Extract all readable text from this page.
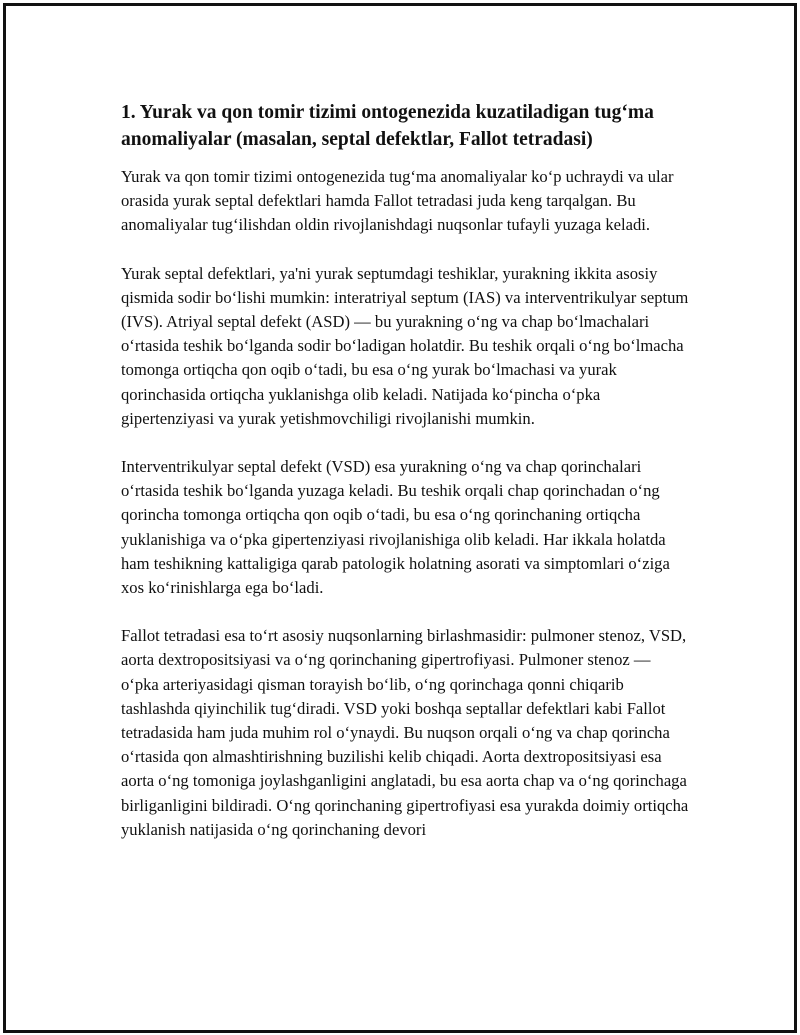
1. Yurak va qon tomir tizimi ontogenezida kuzatiladigan tug‘ma anomaliyalar (masalan, septal defektlar, Fallot tetradasi)

Yurak va qon tomir tizimi ontogenezida tug‘ma anomaliyalar ko‘p uchraydi va ular orasida yurak septal defektlari hamda Fallot tetradasi juda keng tarqalgan. Bu anomaliyalar tug‘ilishdan oldin rivojlanishdagi nuqsonlar tufayli yuzaga keladi.

Yurak septal defektlari, ya'ni yurak septumdagi teshiklar, yurakning ikkita asosiy qismida sodir bo‘lishi mumkin: interatriyal septum (IAS) va interventrikulyar septum (IVS). Atriyal septal defekt (ASD) — bu yurakning o‘ng va chap bo‘lmachalari o‘rtasida teshik bo‘lganda sodir bo‘ladigan holatdir. Bu teshik orqali o‘ng bo‘lmacha tomonga ortiqcha qon oqib o‘tadi, bu esa o‘ng yurak bo‘lmachasi va yurak qorinchasida ortiqcha yuklanishga olib keladi. Natijada ko‘pincha o‘pka gipertenziyasi va yurak yetishmovchiligi rivojlanishi mumkin.

Interventrikulyar septal defekt (VSD) esa yurakning o‘ng va chap qorinchalari o‘rtasida teshik bo‘lganda yuzaga keladi. Bu teshik orqali chap qorinchadan o‘ng qorincha tomonga ortiqcha qon oqib o‘tadi, bu esa o‘ng qorinchaning ortiqcha yuklanishiga va o‘pka gipertenziyasi rivojlanishiga olib keladi. Har ikkala holatda ham teshikning kattaligiga qarab patologik holatning asorati va simptomlari o‘ziga xos ko‘rinishlarga ega bo‘ladi.

Fallot tetradasi esa to‘rt asosiy nuqsonlarning birlashmasidir: pulmoner stenoz, VSD, aorta dextropositsiyasi va o‘ng qorinchaning gipertrofiyasi. Pulmoner stenoz — o‘pka arteriyasidagi qisman torayish bo‘lib, o‘ng qorinchaga qonni chiqarib tashlashda qiyinchilik tug‘diradi. VSD yoki boshqa septallar defektlari kabi Fallot tetradasida ham juda muhim rol o‘ynaydi. Bu nuqson orqali o‘ng va chap qorincha o‘rtasida qon almashtirishning buzilishi kelib chiqadi. Aorta dextropositsiyasi esa aorta o‘ng tomoniga joylashganligini anglatadi, bu esa aorta chap va o‘ng qorinchaga birliganligini bildiradi. O‘ng qorinchaning gipertrofiyasi esa yurakda doimiy ortiqcha yuklanish natijasida o‘ng qorinchaning devori
